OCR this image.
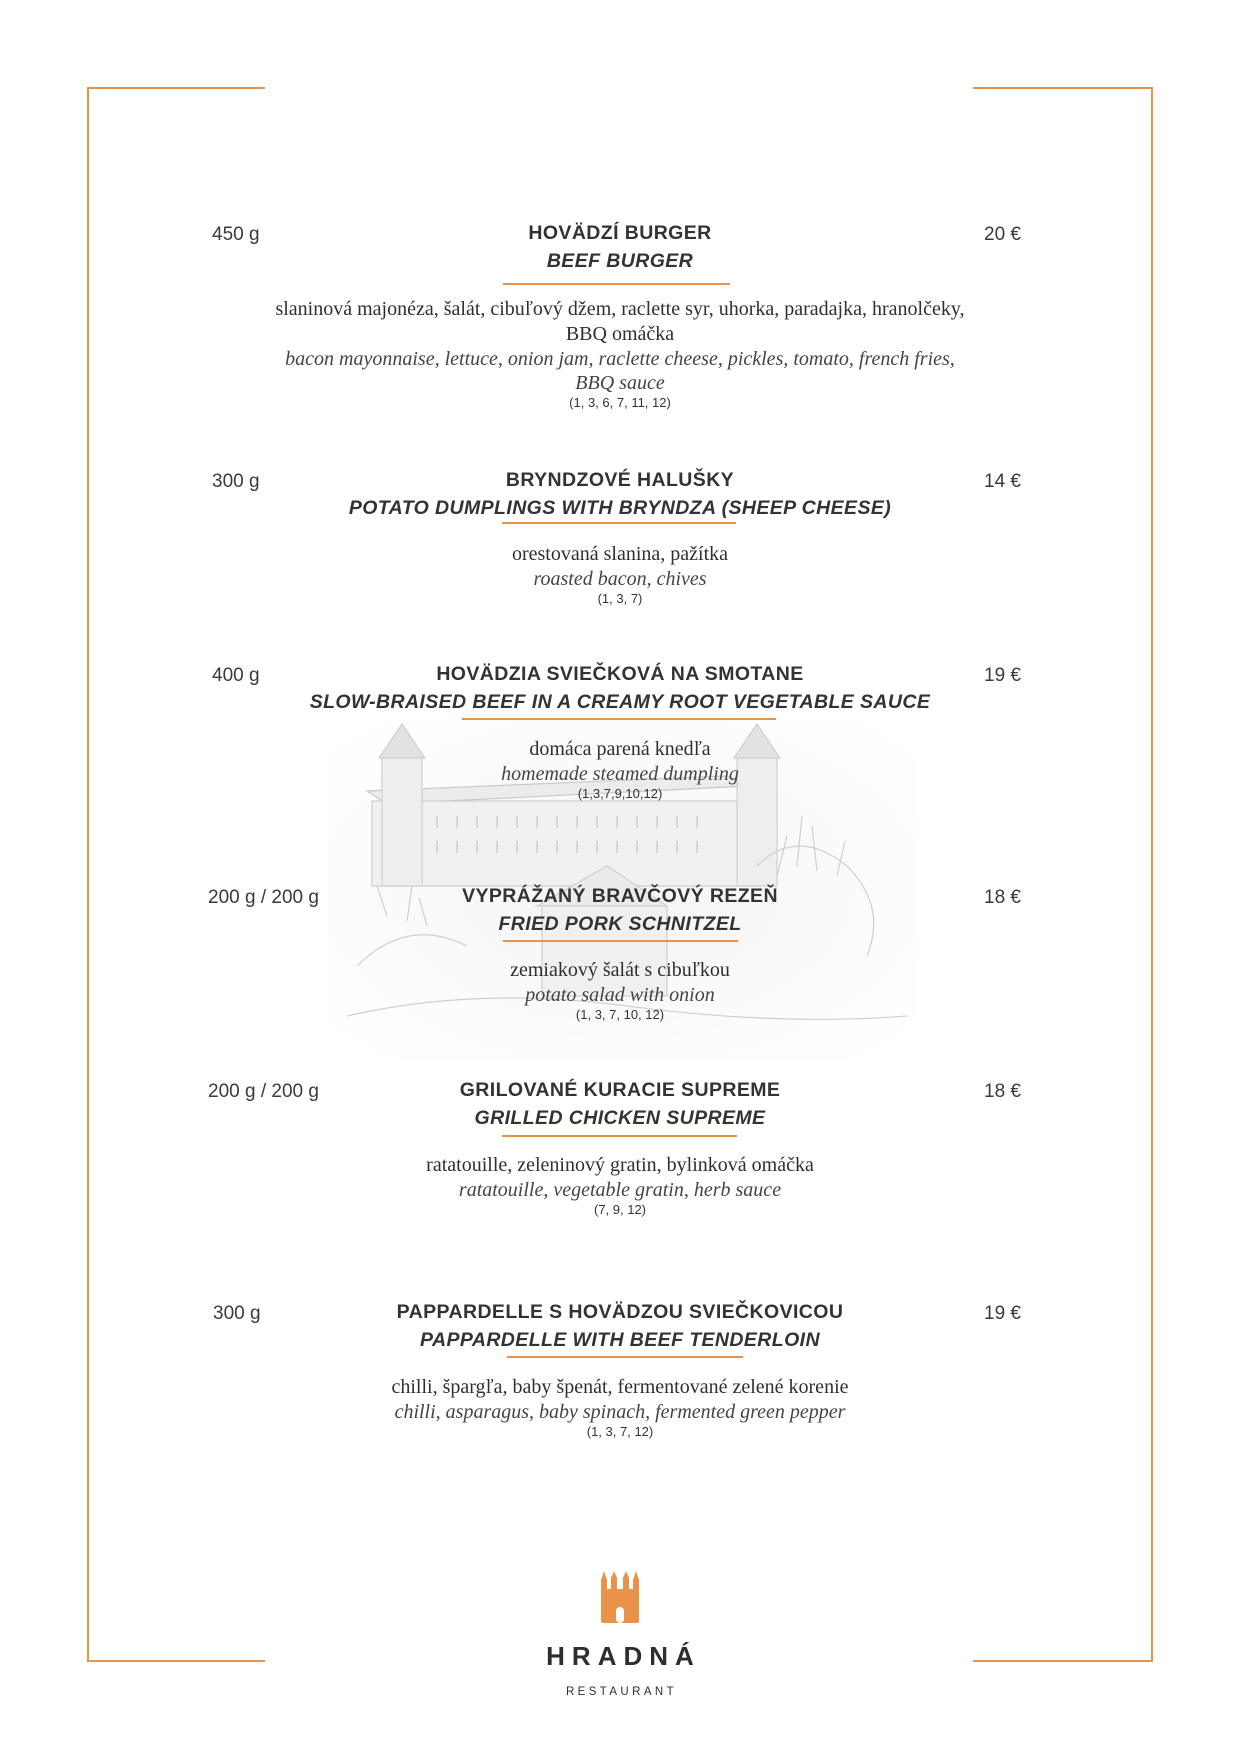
450 g	20 €
HOVÄDZÍ BURGER
BEEF BURGER
slaninová majonéza, šalát, cibuľový džem, raclette syr, uhorka, paradajka, hranolčeky, BBQ omáčka
bacon mayonnaise, lettuce, onion jam, raclette cheese, pickles, tomato, french fries, BBQ sauce
(1, 3, 6, 7, 11, 12)
300 g	14 €
BRYNDZOVÉ HALUŠKY
POTATO DUMPLINGS WITH BRYNDZA (SHEEP CHEESE)
orestovaná slanina, pažítka
roasted bacon, chives
(1, 3, 7)
400 g	19 €
HOVÄDZIA SVIEČKOVÁ NA SMOTANE
SLOW-BRAISED BEEF IN A CREAMY ROOT VEGETABLE SAUCE
domáca parená knedľa
homemade steamed dumpling
(1,3,7,9,10,12)
200 g / 200 g	18 €
VYPRÁŽANÝ BRAVČOVÝ REZEŇ
FRIED PORK SCHNITZEL
zemiakový šalát s cibuľkou
potato salad with onion
(1, 3, 7, 10, 12)
200 g / 200 g	18 €
GRILOVANÉ KURACIE SUPREME
GRILLED CHICKEN SUPREME
ratatouille, zeleninový gratin, bylinková omáčka
ratatouille, vegetable gratin, herb sauce
(7, 9, 12)
300 g	19 €
PAPPARDELLE S HOVÄDZOU SVIEČKOVICOU
PAPPARDELLE WITH BEEF TENDERLOIN
chilli, špargľa, baby špenát, fermentované zelené korenie
chilli, asparagus, baby spinach, fermented green pepper
(1, 3, 7, 12)
HRADNÁ
RESTAURANT
